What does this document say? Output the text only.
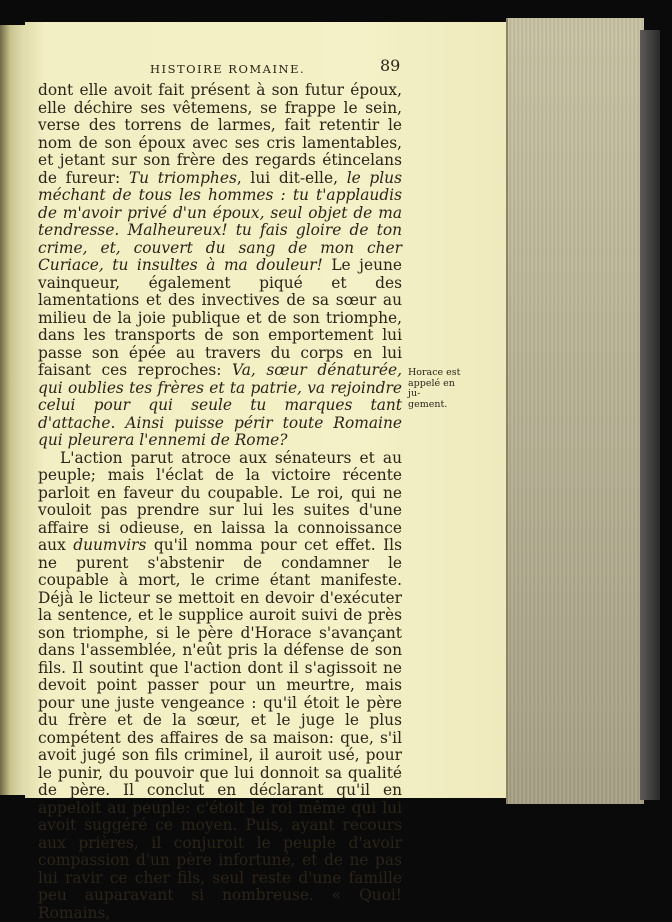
HISTOIRE ROMAINE.	89

dont elle avoit fait présent à son futur époux, elle déchire ses vêtemens, se frappe le sein, verse des torrens de larmes, fait retentir le nom de son époux avec ses cris lamentables, et jetant sur son frère des regards étincelans de fureur: Tu triomphes, lui dit-elle, le plus méchant de tous les hommes : tu t'applaudis de m'avoir privé d'un époux, seul objet de ma tendresse. Malheureux! tu fais gloire de ton crime, et, couvert du sang de mon cher Curiace, tu insultes à ma douleur! Le jeune vainqueur, également piqué et des lamentations et des invectives de sa sœur au milieu de la joie publique et de son triomphe, dans les transports de son emportement lui passe son épée au travers du corps en lui faisant ces reproches: Va, sœur dénaturée, qui oublies tes frères et ta patrie, va rejoindre celui pour qui seule tu marques tant d'attache. Ainsi puisse périr toute Romaine qui pleurera l'ennemi de Rome?

L'action parut atroce aux sénateurs et au peuple; mais l'éclat de la victoire récente parloit en faveur du coupable. Le roi, qui ne vouloit pas prendre sur lui les suites d'une affaire si odieuse, en laissa la connoissance aux duumvirs qu'il nomma pour cet effet. Ils ne purent s'abstenir de condamner le coupable à mort, le crime étant manifeste. Déjà le licteur se mettoit en devoir d'exécuter la sentence, et le supplice auroit suivi de près son triomphe, si le père d'Horace s'avançant dans l'assemblée, n'eût pris la défense de son fils. Il soutint que l'action dont il s'agissoit ne devoit point passer pour un meurtre, mais pour une juste vengeance : qu'il étoit le père du frère et de la sœur, et le juge le plus compétent des affaires de sa maison: que, s'il avoit jugé son fils criminel, il auroit usé, pour le punir, du pouvoir que lui donnoit sa qualité de père. Il conclut en déclarant qu'il en appeloit au peuple: c'étoit le roi même qui lui avoit suggéré ce moyen. Puis, ayant recours aux prières, il conjuroit le peuple d'avoir compassion d'un père infortuné, et de ne pas lui ravir ce cher fils, seul reste d'une famille peu auparavant si nombreuse. « Quoi! Romains,

Horace est
appelé en ju-
gement.
